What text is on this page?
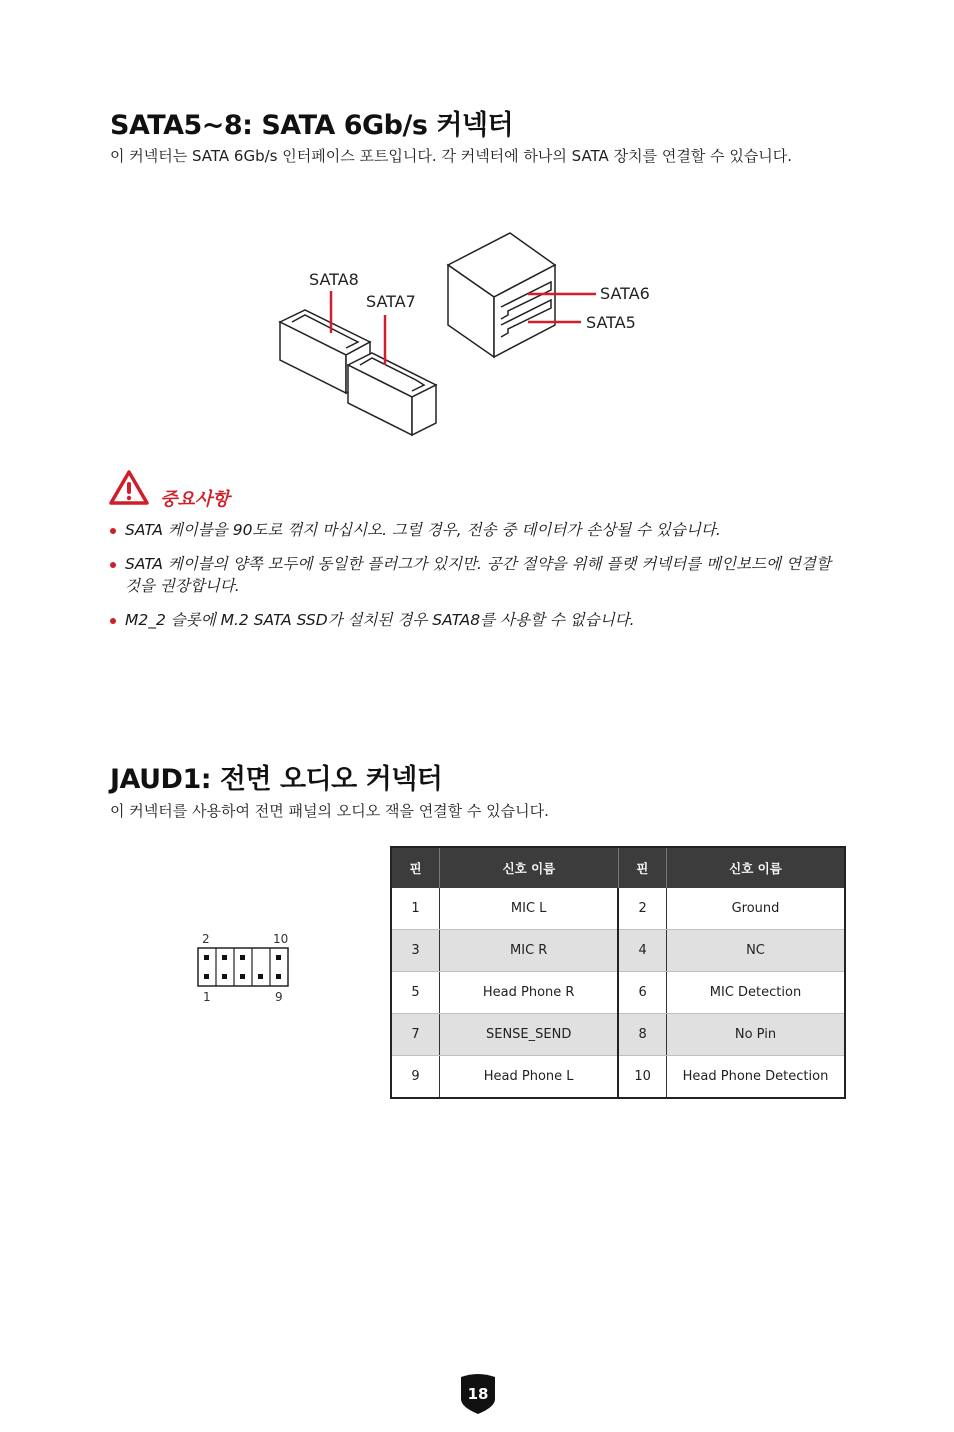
SATA5~8: SATA 6Gb/s 커넥터
이 커넥터는 SATA 6Gb/s 인터페이스 포트입니다. 각 커넥터에 하나의 SATA 장치를 연결할 수 있습니다.
SATA8
SATA7	SATA6
SATA5
중요사항
SATA 케이블을 90도로 꺾지 마십시오. 그럴 경우, 전송 중 데이터가 손상될 수 있습니다.
SATA 케이블의 양쪽 모두에 동일한 플러그가 있지만. 공간 절약을 위해 플랫 커넥터를 메인보드에 연결할 것을 권장합니다.
M2_2 슬롯에 M.2 SATA SSD가 설치된 경우 SATA8를 사용할 수 없습니다.
JAUD1: 전면 오디오 커넥터
이 커넥터를 사용하여 전면 패널의 오디오 잭을 연결할 수 있습니다.
2	10
1	9
핀	신호 이름	핀	신호 이름
1	MIC L	2	Ground
3	MIC R	4	NC
5	Head Phone R	6	MIC Detection
7	SENSE_SEND	8	No Pin
9	Head Phone L	10	Head Phone Detection
18
